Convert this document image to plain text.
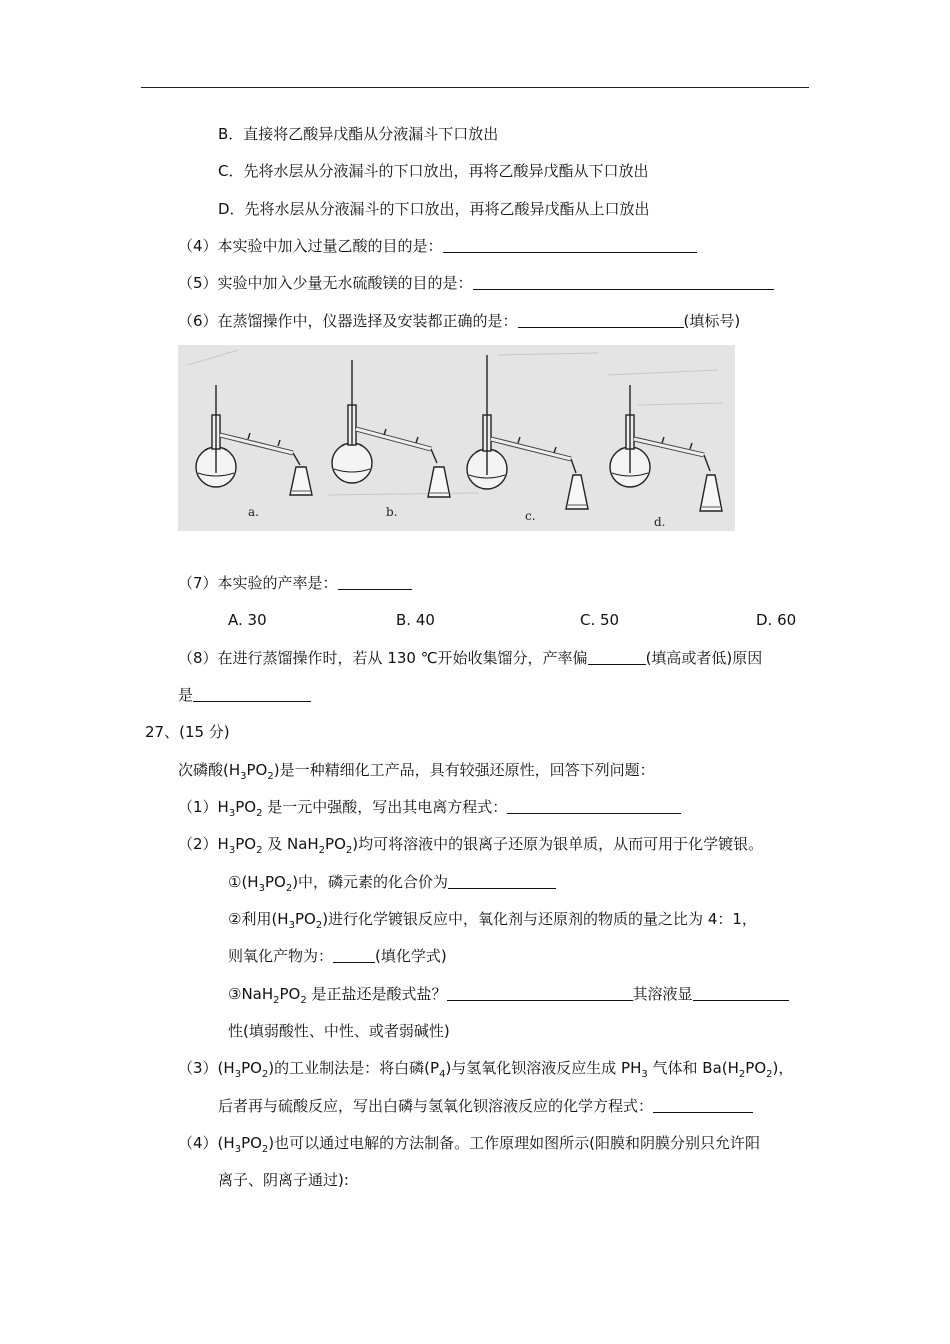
B．直接将乙酸异戊酯从分液漏斗下口放出
C．先将水层从分液漏斗的下口放出，再将乙酸异戊酯从下口放出
D．先将水层从分液漏斗的下口放出，再将乙酸异戊酯从上口放出
（4）本实验中加入过量乙酸的目的是：
（5）实验中加入少量无水硫酸镁的目的是：
（6）在蒸馏操作中，仪器选择及安装都正确的是：	(填标号)
a.	b.	c.	d.
（7）本实验的产率是：
A. 30	B. 40	C. 50	D. 60
（8）在进行蒸馏操作时，若从 130 ℃开始收集馏分，产率偏	(填高或者低)原因
是
27、(15 分)
次磷酸$(H_3PO_2)$是一种精细化工产品，具有较强还原性，回答下列问题：
$(1)H_3PO_2$ 是一元中强酸，写出其电离方程式：
$(2)H_3PO_2$ 及 $NaH_2PO_2$)均可将溶液中的银离子还原为银单质，从而可用于化学镀银。
$①(H_3PO_2)$中，磷元素的化合价为
②利用$(H_3PO_2)$进行化学镀银反应中，氧化剂与还原剂的物质的量之比为 4：1，
则氧化产物为：	(填化学式)
$③NaH_2PO_2$ 是正盐还是酸式盐？	其溶液显
性(填弱酸性、中性、或者弱碱性)
$(3)(H_3PO_2)$的工业制法是：将白磷$(P_4)$与氢氧化钡溶液反应生成 $PH_3$ 气体和 $Ba(H_2PO_2)$，
后者再与硫酸反应，写出白磷与氢氧化钡溶液反应的化学方程式：
$(4)(H_3PO_2)$也可以通过电解的方法制备。工作原理如图所示(阳膜和阴膜分别只允许阳
离子、阴离子通过):
